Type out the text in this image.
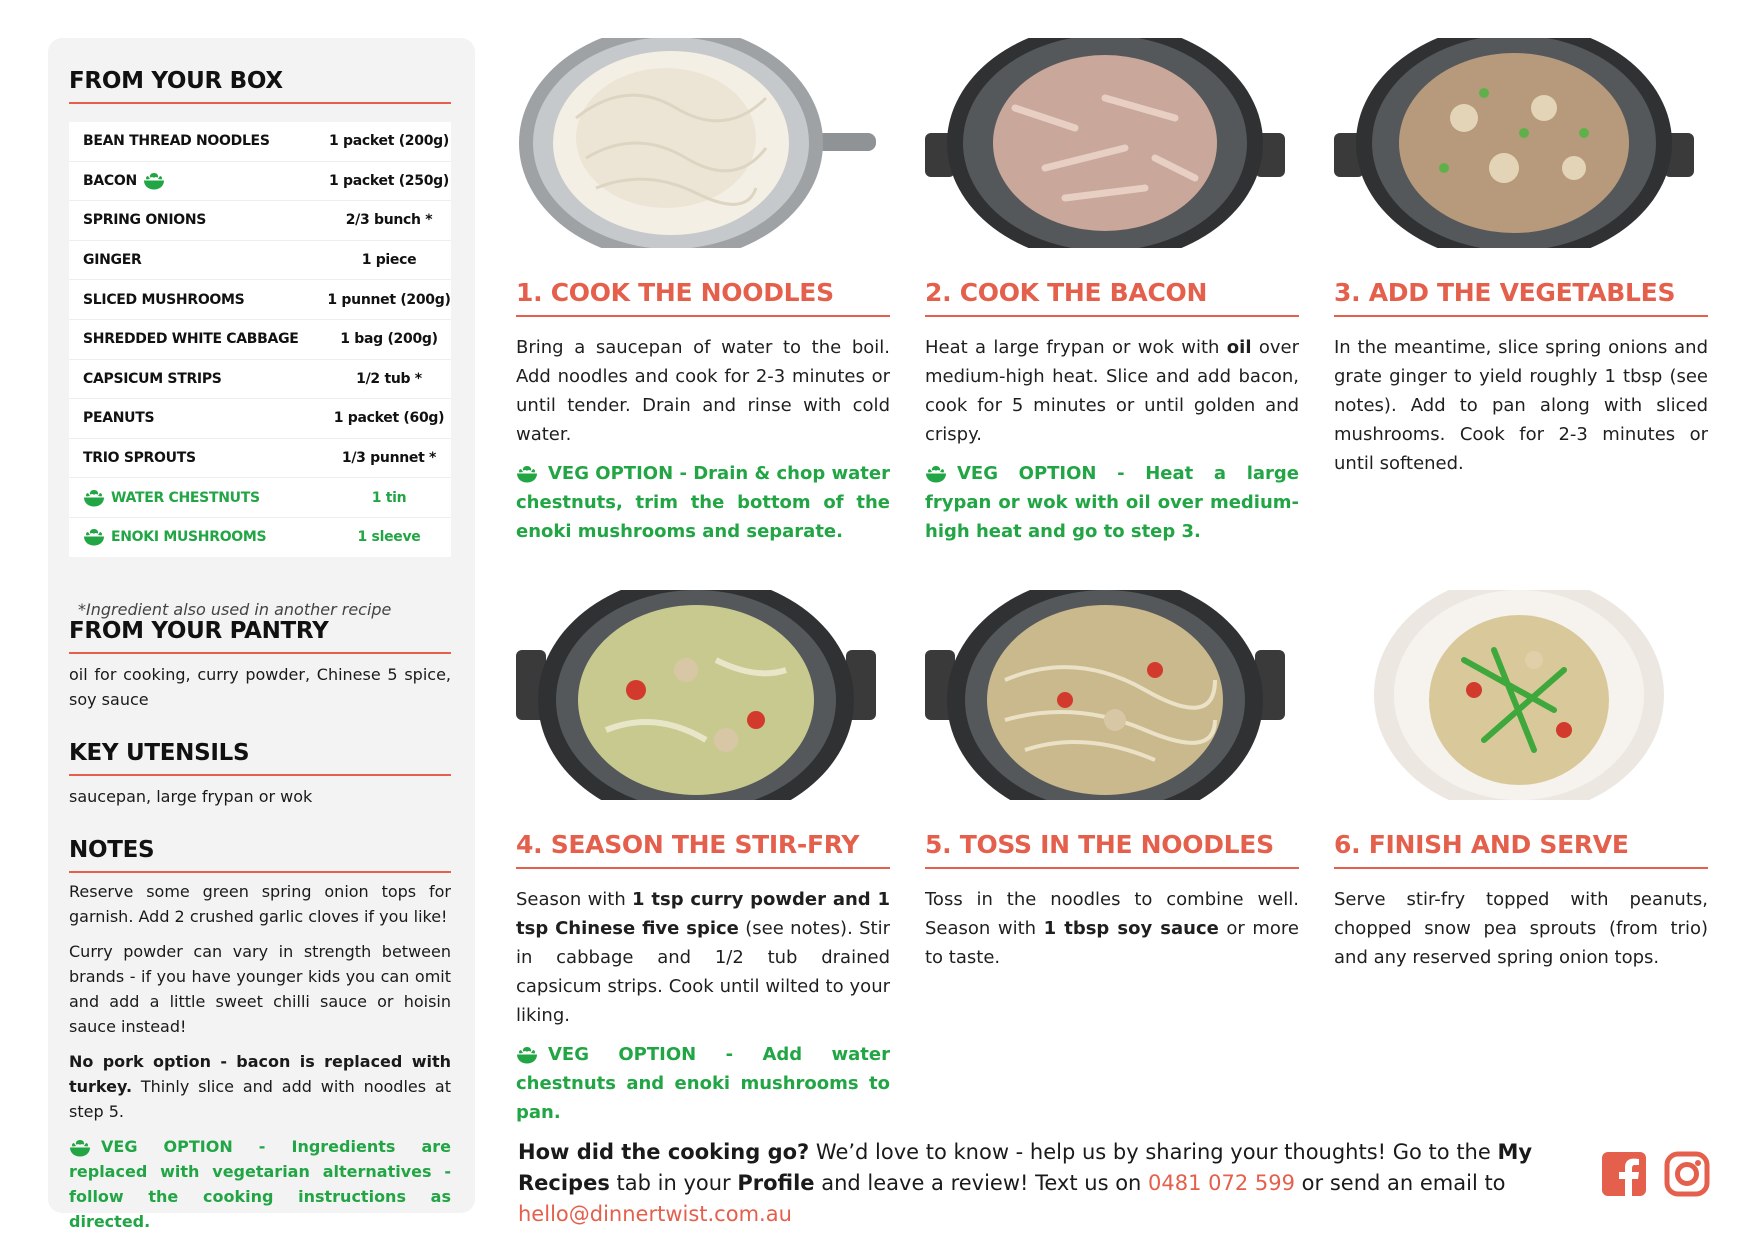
FROM YOUR BOX
BEAN THREAD NOODLES	1 packet (200g)
BACON	1 packet (250g)
SPRING ONIONS	2/3 bunch *
GINGER	1 piece
SLICED MUSHROOMS	1 punnet (200g)
SHREDDED WHITE CABBAGE	1 bag (200g)
CAPSICUM STRIPS	1/2 tub *
PEANUTS	1 packet (60g)
TRIO SPROUTS	1/3 punnet *
WATER CHESTNUTS	1 tin
ENOKI MUSHROOMS	1 sleeve
*Ingredient also used in another recipe
FROM YOUR PANTRY
oil for cooking, curry powder, Chinese 5 spice, soy sauce
KEY UTENSILS
saucepan, large frypan or wok
NOTES

Reserve some green spring onion tops for garnish. Add 2 crushed garlic cloves if you like!

Curry powder can vary in strength between brands - if you have younger kids you can omit and add a little sweet chilli sauce or hoisin sauce instead!

No pork option - bacon is replaced with turkey. Thinly slice and add with noodles at step 5.

VEG OPTION - Ingredients are replaced with vegetarian alternatives - follow the cooking instructions as directed.

1. COOK THE NOODLES	2. COOK THE BACON	3. ADD THE VEGETABLES
4. SEASON THE STIR-FRY	5. TOSS IN THE NOODLES	6. FINISH AND SERVE

Bring a saucepan of water to the boil. Add noodles and cook for 2-3 minutes or until tender. Drain and rinse with cold water.

VEG OPTION - Drain & chop water chestnuts, trim the bottom of the enoki mushrooms and separate.

Heat a large frypan or wok with oil over medium-high heat. Slice and add bacon, cook for 5 minutes or until golden and crispy.

VEG OPTION - Heat a large frypan or wok with oil over medium-high heat and go to step 3.

In the meantime, slice spring onions and grate ginger to yield roughly 1 tbsp (see notes). Add to pan along with sliced mushrooms. Cook for 2-3 minutes or until softened.

Season with 1 tsp curry powder and 1 tsp Chinese five spice (see notes). Stir in cabbage and 1/2 tub drained capsicum strips. Cook until wilted to your liking.

VEG OPTION - Add water chestnuts and enoki mushrooms to pan.

Toss in the noodles to combine well. Season with 1 tbsp soy sauce or more to taste.

Serve stir-fry topped with peanuts, chopped snow pea sprouts (from trio) and any reserved spring onion tops.

How did the cooking go? We’d love to know - help us by sharing your thoughts! Go to the My Recipes tab in your Profile and leave a review! Text us on 0481 072 599 or send an email to hello@dinnertwist.com.au
